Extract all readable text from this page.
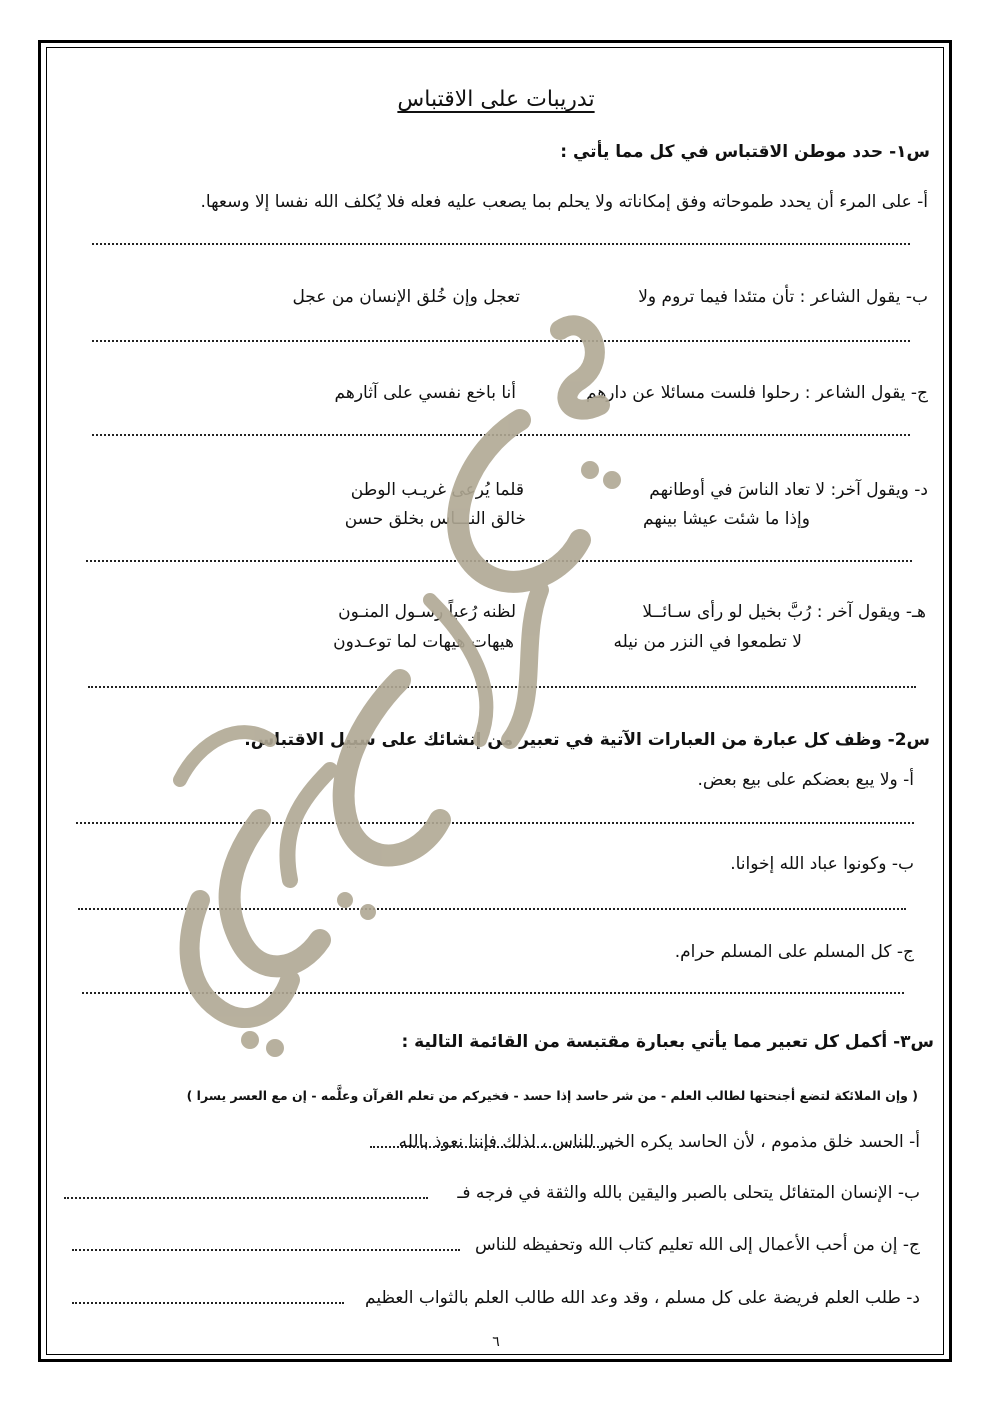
تدريبات على الاقتباس
س١- حدد موطن الاقتباس في كل مما يأتي :
أ- على المرء أن يحدد طموحاته وفق إمكاناته ولا يحلم بما يصعب عليه فعله فلا يُكلف الله نفسا إلا وسعها.
ب- يقول الشاعر : تأن متئدا فيما تروم ولا
تعجل وإن خُلق الإنسان من عجل
ج- يقول الشاعر : رحلوا فلست مسائلا عن دارهم
أنا باخع نفسي على آثارهم
د- ويقول آخر: لا تعاد الناسَ في أوطانهم
قلما يُرعى غريـب الوطن
وإذا ما شئت عيشا بينهم
خالق النـــاس بخلق حسن
هـ- ويقول آخر : رُبَّ بخيل لو رأى سـائــلا
لظنه رُعباً رسـول المنـون
لا تطمعوا في النزر من نيله
هيهات هيهات لما توعـدون
س2- وظف كل عبارة من العبارات الآتية في تعبير من إنشائك على سبيل الاقتباس.
أ- ولا يبع بعضكم على بيع بعض.
ب- وكونوا عباد الله إخوانا.
ج- كل المسلم على المسلم حرام.
س٣- أكمل كل تعبير مما يأتي بعبارة مقتبسة من القائمة التالية :
( وإن الملائكة لتضع أجنحتها لطالب العلم - من شر حاسد إذا حسد - فخيركم من تعلم القرآن وعلَّمه - إن مع العسر يسرا )
أ- الحسد خلق مذموم ، لأن الحاسد يكره الخير للناس ، لذلك فإننا نعوذ بالله
ب- الإنسان المتفائل يتحلى بالصبر واليقين بالله والثقة في فرجه فـ
ج- إن من أحب الأعمال إلى الله تعليم كتاب الله وتحفيظه للناس
د- طلب العلم فريضة على كل مسلم ، وقد وعد الله طالب العلم بالثواب العظيم
٦
